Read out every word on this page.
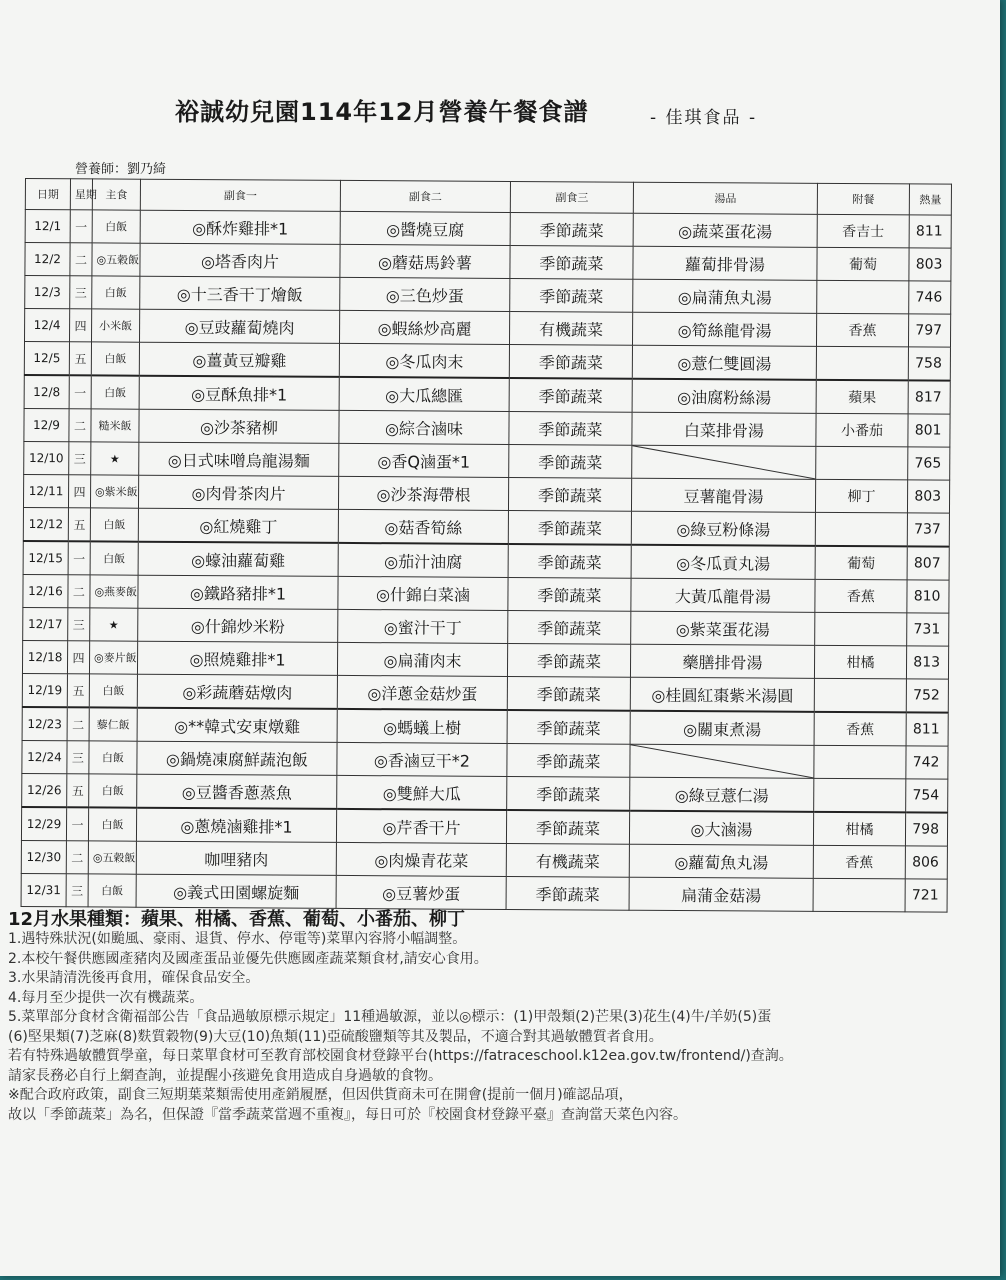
裕誠幼兒園114年12月營養午餐食譜	- 佳琪食品 -
營養師：劉乃綺
日期	星期	主食	副食一	副食二	副食三	湯品	附餐	熱量
12/1	一	白飯	◎酥炸雞排*1	◎醬燒豆腐	季節蔬菜	◎蔬菜蛋花湯	香吉士	811
12/2	二	◎五穀飯	◎塔香肉片	◎蘑菇馬鈴薯	季節蔬菜	蘿蔔排骨湯	葡萄	803
12/3	三	白飯	◎十三香干丁燴飯	◎三色炒蛋	季節蔬菜	◎扁蒲魚丸湯		746
12/4	四	小米飯	◎豆豉蘿蔔燒肉	◎蝦絲炒高麗	有機蔬菜	◎筍絲龍骨湯	香蕉	797
12/5	五	白飯	◎薑黃豆瓣雞	◎冬瓜肉末	季節蔬菜	◎薏仁雙圓湯		758
12/8	一	白飯	◎豆酥魚排*1	◎大瓜總匯	季節蔬菜	◎油腐粉絲湯	蘋果	817
12/9	二	糙米飯	◎沙茶豬柳	◎綜合滷味	季節蔬菜	白菜排骨湯	小番茄	801
12/10	三	★	◎日式味噌烏龍湯麵	◎香Q滷蛋*1	季節蔬菜			765
12/11	四	◎紫米飯	◎肉骨茶肉片	◎沙茶海帶根	季節蔬菜	豆薯龍骨湯	柳丁	803
12/12	五	白飯	◎紅燒雞丁	◎菇香筍絲	季節蔬菜	◎綠豆粉條湯		737
12/15	一	白飯	◎蠔油蘿蔔雞	◎茄汁油腐	季節蔬菜	◎冬瓜貢丸湯	葡萄	807
12/16	二	◎燕麥飯	◎鐵路豬排*1	◎什錦白菜滷	季節蔬菜	大黃瓜龍骨湯	香蕉	810
12/17	三	★	◎什錦炒米粉	◎蜜汁干丁	季節蔬菜	◎紫菜蛋花湯		731
12/18	四	◎麥片飯	◎照燒雞排*1	◎扁蒲肉末	季節蔬菜	藥膳排骨湯	柑橘	813
12/19	五	白飯	◎彩蔬蘑菇燉肉	◎洋蔥金菇炒蛋	季節蔬菜	◎桂圓紅棗紫米湯圓		752
12/23	二	藜仁飯	◎**韓式安東燉雞	◎螞蟻上樹	季節蔬菜	◎關東煮湯	香蕉	811
12/24	三	白飯	◎鍋燒凍腐鮮蔬泡飯	◎香滷豆干*2	季節蔬菜			742
12/26	五	白飯	◎豆醬香蔥蒸魚	◎雙鮮大瓜	季節蔬菜	◎綠豆薏仁湯		754
12/29	一	白飯	◎蔥燒滷雞排*1	◎芹香干片	季節蔬菜	◎大滷湯	柑橘	798
12/30	二	◎五穀飯	咖哩豬肉	◎肉燥青花菜	有機蔬菜	◎蘿蔔魚丸湯	香蕉	806
12/31	三	白飯	◎義式田園螺旋麵	◎豆薯炒蛋	季節蔬菜	扁蒲金菇湯		721
12月水果種類：蘋果、柑橘、香蕉、葡萄、小番茄、柳丁
1.遇特殊狀況(如颱風、豪雨、退貨、停水、停電等)菜單內容將小幅調整。
2.本校午餐供應國產豬肉及國產蛋品並優先供應國產蔬菜類食材,請安心食用。
3.水果請清洗後再食用，確保食品安全。
4.每月至少提供一次有機蔬菜。
5.菜單部分食材含衛福部公告「食品過敏原標示規定」11種過敏源，並以◎標示：(1)甲殼類(2)芒果(3)花生(4)牛/羊奶(5)蛋
(6)堅果類(7)芝麻(8)麩質穀物(9)大豆(10)魚類(11)亞硫酸鹽類等其及製品，不適合對其過敏體質者食用。
若有特殊過敏體質學童，每日菜單食材可至教育部校園食材登錄平台(https://fatraceschool.k12ea.gov.tw/frontend/)查詢。
請家長務必自行上網查詢，並提醒小孩避免食用造成自身過敏的食物。
※配合政府政策，副食三短期葉菜類需使用產銷履歷，但因供貨商未可在開會(提前一個月)確認品項，
故以「季節蔬菜」為名，但保證『當季蔬菜當週不重複』，每日可於『校園食材登錄平臺』查詢當天菜色內容。
